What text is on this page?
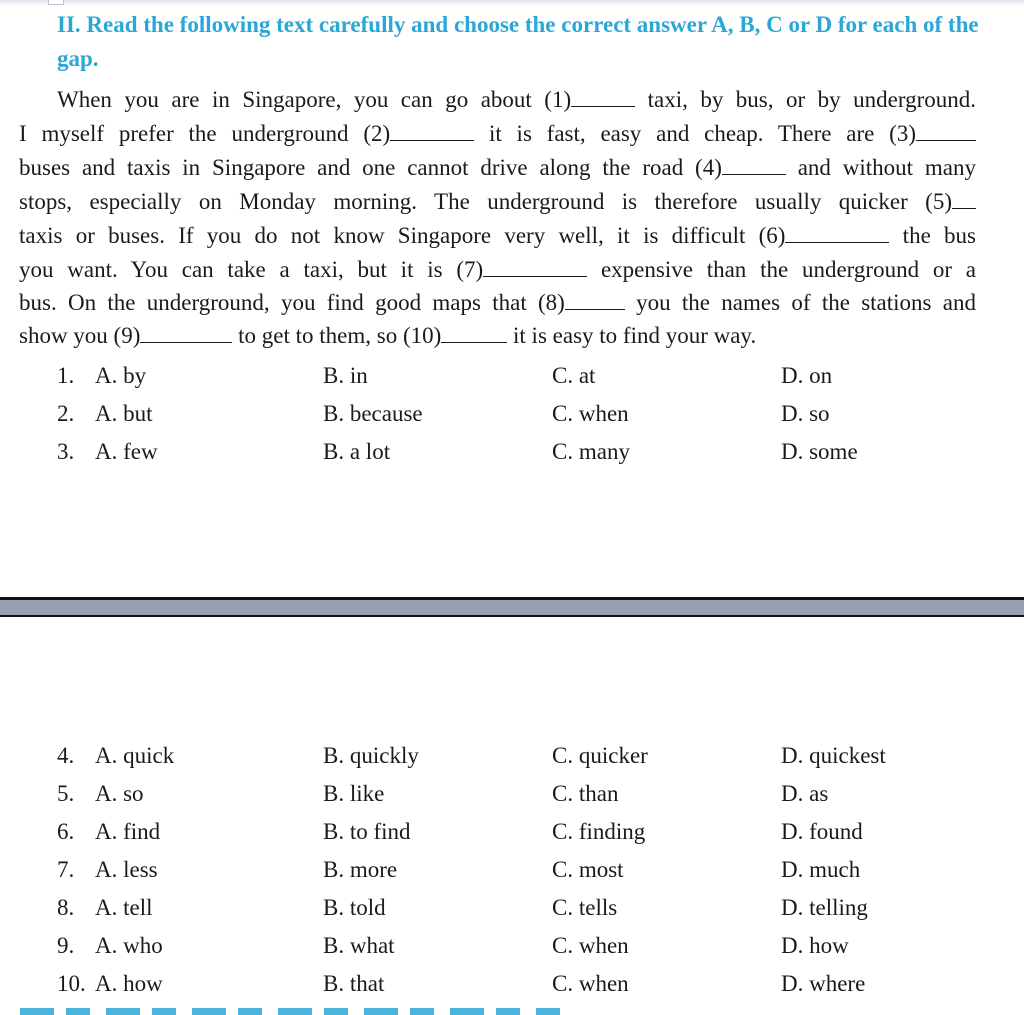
II. Read the following text carefully and choose the correct answer A, B, C or D for each of the gap.
When you are in Singapore, you can go about (1)	taxi, by bus, or by underground.
I myself prefer the underground (2)	it is fast, easy and cheap. There are (3)
buses and taxis in Singapore and one cannot drive along the road (4)	and without many
stops, especially on Monday morning. The underground is therefore usually quicker (5)
taxis or buses. If you do not know Singapore very well, it is difficult (6)	the bus
you want. You can take a taxi, but it is (7)	expensive than the underground or a
bus. On the underground, you find good maps that (8)	you the names of the stations and
show you (9)	to get to them, so (10)	it is easy to find your way.
1. A. by	B. in	C. at	D. on
2. A. but	B. because	C. when	D. so
3. A. few	B. a lot	C. many	D. some
4. A. quick	B. quickly	C. quicker	D. quickest
5. A. so	B. like	C. than	D. as
6. A. find	B. to find	C. finding	D. found
7. A. less	B. more	C. most	D. much
8. A. tell	B. told	C. tells	D. telling
9. A. who	B. what	C. when	D. how
10. A. how	B. that	C. when	D. where
